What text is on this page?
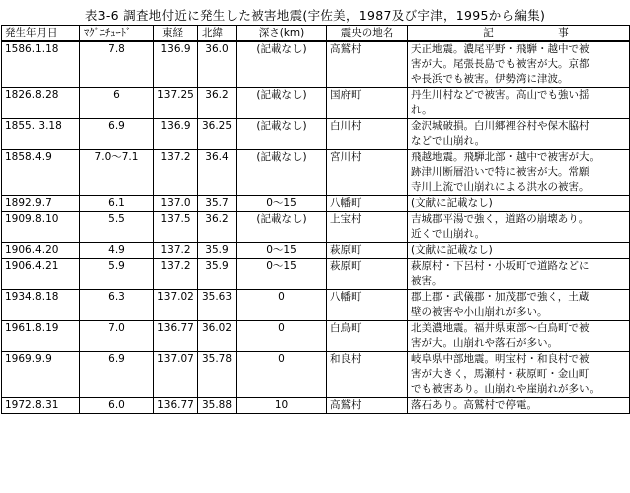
表3-6 調査地付近に発生した被害地震(宇佐美，1987及び宇津，1995から編集)
発生年月日	ﾏｸﾞﾆﾁｭｰﾄﾞ	東経	北緯	深さ(km)	震央の地名	記 事
1586.1.18	7.8	136.9	36.0	(記載なし)	高鷲村	天正地震。濃尾平野・飛騨・越中で被
害が大。尾張長島でも被害が大。京都
や長浜でも被害。伊勢湾に津波。

1826.8.28	6	137.25	36.2	(記載なし)	国府町	丹生川村などで被害。高山でも強い揺
れ。

1855. 3.18	6.9	136.9	36.25	(記載なし)	白川村	金沢城破損。白川郷裡谷村や保木脇村
などで山崩れ。

1858.4.9	7.0～7.1	137.2	36.4	(記載なし)	宮川村	飛越地震。飛騨北部・越中で被害が大。
跡津川断層沿いで特に被害が大。常願
寺川上流で山崩れによる洪水の被害。

1892.9.7	6.1	137.0	35.7	0～15	八幡町	(文献に記載なし)

1909.8.10	5.5	137.5	36.2	(記載なし)	上宝村	吉城郡平湯で強く，道路の崩壊あり。
近くで山崩れ。

1906.4.20	4.9	137.2	35.9	0～15	萩原町	(文献に記載なし)

1906.4.21	5.9	137.2	35.9	0～15	萩原町	萩原村・下呂村・小坂町で道路などに
被害。

1934.8.18	6.3	137.02	35.63	0	八幡町	郡上郡・武儀郡・加茂郡で強く，土蔵
壁の被害や小山崩れが多い。

1961.8.19	7.0	136.77	36.02	0	白鳥町	北美濃地震。福井県東部～白鳥町で被
害が大。山崩れや落石が多い。

1969.9.9	6.9	137.07	35.78	0	和良村	岐阜県中部地震。明宝村・和良村で被
害が大きく，馬瀬村・萩原町・金山町
でも被害あり。山崩れや崖崩れが多い。

1972.8.31	6.0	136.77	35.88	10	高鷲村	落石あり。高鷲村で停電。
